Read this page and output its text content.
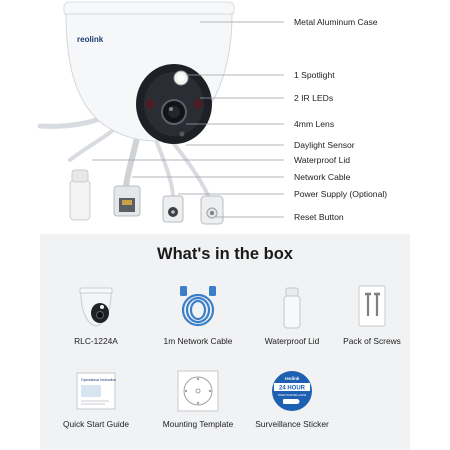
reolink
Metal Aluminum Case
1 Spotlight
2 IR LEDs
4mm Lens
Daylight Sensor
Waterproof Lid
Network Cable
Power Supply (Optional)
Reset Button
What's in the box
RLC-1224A	1m Network Cable	Waterproof Lid	Pack of Screws
Operational Instruction
Quick Start Guide	Mounting Template
reolink
24 HOUR
VIDEO SURVEILLANCE
Surveillance Sticker
